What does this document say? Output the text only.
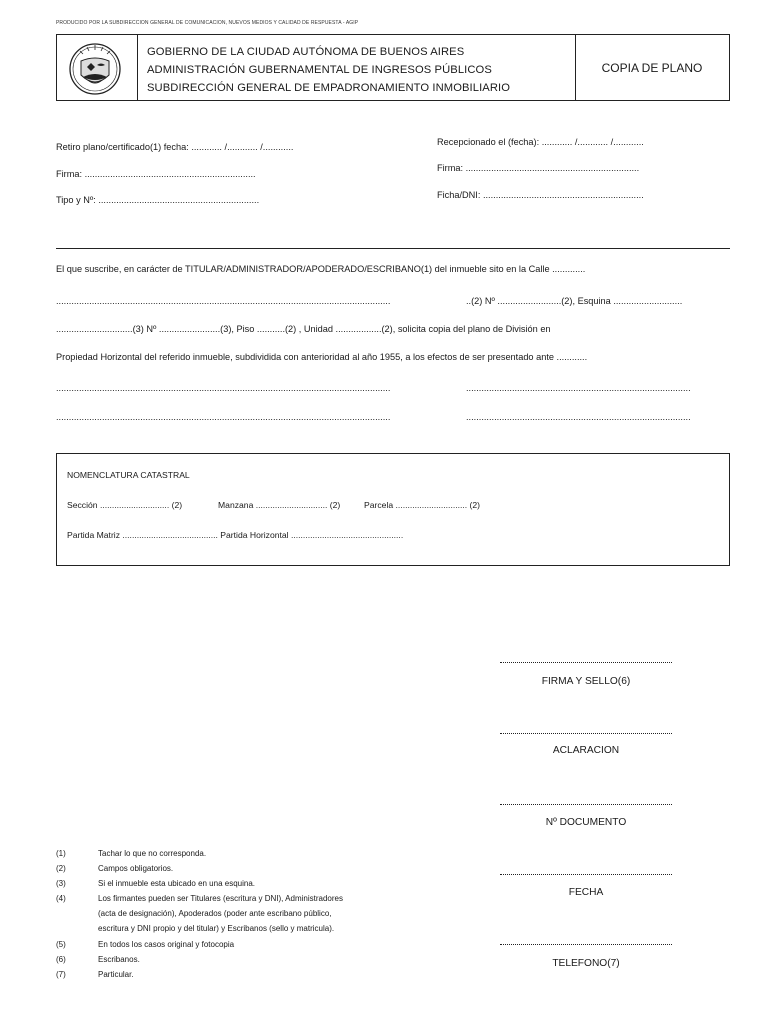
PRODUCIDO POR LA SUBDIRECCION GENERAL DE COMUNICACION, NUEVOS MEDIOS Y CALIDAD DE RESPUESTA - AGIP
GOBIERNO DE LA CIUDAD AUTÓNOMA DE BUENOS AIRES
ADMINISTRACIÓN GUBERNAMENTAL DE INGRESOS PÚBLICOS
SUBDIRECCIÓN GENERAL DE EMPADRONAMIENTO INMOBILIARIO
COPIA DE PLANO
Retiro plano/certificado(1) fecha: ............ /............ /............
Firma: ...................................................................
Tipo y Nº: ...............................................................
Recepcionado el (fecha): ............ /............ /............
Firma: ....................................................................
Ficha/DNI: ...............................................................
El que suscribe, en carácter de TITULAR/ADMINISTRADOR/APODERADO/ESCRIBANO(1) del inmueble sito en la Calle .............
...................................................................................................................................	..(2) Nº .........................(2), Esquina ...........................
..............................(3) Nº ........................(3), Piso ...........(2) , Unidad ..................(2), solicita copia del plano de División en
Propiedad Horizontal del referido inmueble, subdividida con anterioridad al año 1955, a los efectos de ser presentado ante ............
...................................................................................................................................	........................................................................................
...................................................................................................................................	........................................................................................
NOMENCLATURA CATASTRAL
Sección ............................. (2)	Manzana .............................. (2)	Parcela .............................. (2)
Partida Matriz ........................................ Partida Horizontal ...............................................
FIRMA Y SELLO(6)
ACLARACION
Nº DOCUMENTO
FECHA
TELEFONO(7)
(1)	Tachar lo que no corresponda.
(2)	Campos obligatorios.
(3)	Si el inmueble esta ubicado en una esquina.
(4)	Los firmantes pueden ser Titulares (escritura y DNI), Administradores
(acta de designación), Apoderados (poder ante escribano público,
escritura y DNI propio y del titular) y Escribanos (sello y matricula).
(5)	En todos los casos original y fotocopia
(6)	Escribanos.
(7)	Particular.
